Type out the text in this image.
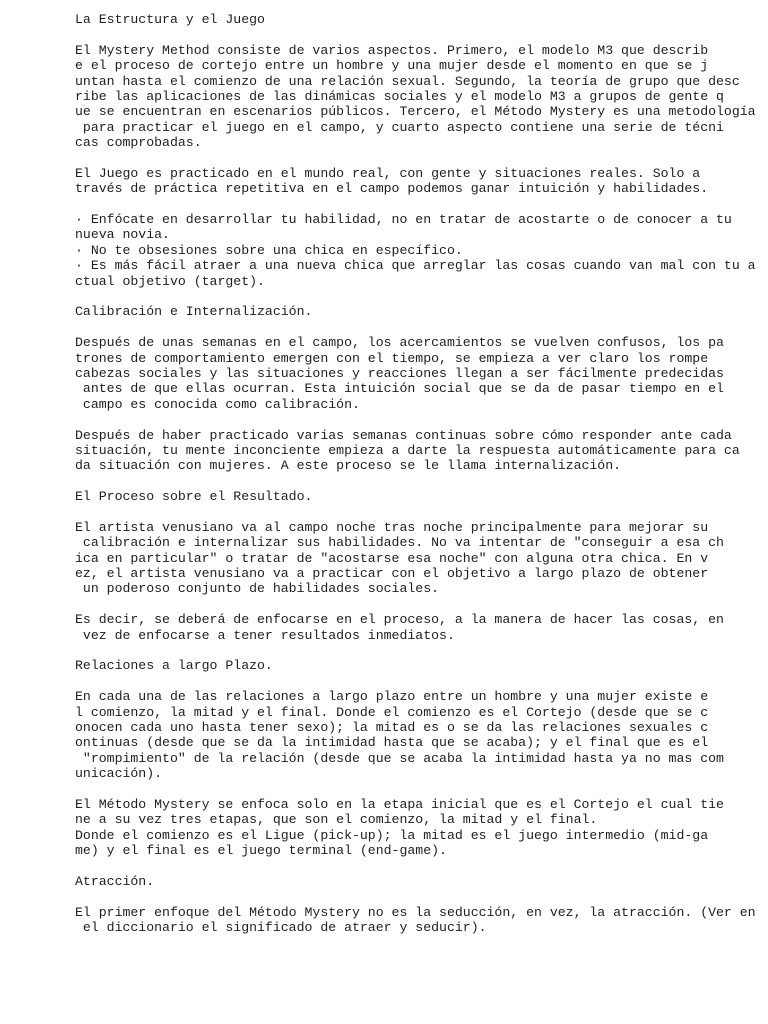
La Estructura y el Juego
El Mystery Method consiste de varios aspectos. Primero, el modelo M3 que describ
e el proceso de cortejo entre un hombre y una mujer desde el momento en que se j
untan hasta el comienzo de una relación sexual. Segundo, la teoría de grupo que desc
ribe las aplicaciones de las dinámicas sociales y el modelo M3 a grupos de gente q
ue se encuentran en escenarios públicos. Tercero, el Método Mystery es una metodología
para practicar el juego en el campo, y cuarto aspecto contiene una serie de técni
cas comprobadas.
El Juego es practicado en el mundo real, con gente y situaciones reales. Solo a
través de práctica repetitiva en el campo podemos ganar intuición y habilidades.
· Enfócate en desarrollar tu habilidad, no en tratar de acostarte o de conocer a tu
nueva novia.
· No te obsesiones sobre una chica en específico.
· Es más fácil atraer a una nueva chica que arreglar las cosas cuando van mal con tu a
ctual objetivo (target).
Calibración e Internalización.
Después de unas semanas en el campo, los acercamientos se vuelven confusos, los pa
trones de comportamiento emergen con el tiempo, se empieza a ver claro los rompe
cabezas sociales y las situaciones y reacciones llegan a ser fácilmente predecidas
antes de que ellas ocurran. Esta intuición social que se da de pasar tiempo en el
campo es conocida como calibración.
Después de haber practicado varias semanas continuas sobre cómo responder ante cada
situación, tu mente inconciente empieza a darte la respuesta automáticamente para ca
da situación con mujeres. A este proceso se le llama internalización.
El Proceso sobre el Resultado.
El artista venusiano va al campo noche tras noche principalmente para mejorar su
calibración e internalizar sus habilidades. No va intentar de "conseguir a esa ch
ica en particular" o tratar de "acostarse esa noche" con alguna otra chica. En v
ez, el artista venusiano va a practicar con el objetivo a largo plazo de obtener
un poderoso conjunto de habilidades sociales.
Es decir, se deberá de enfocarse en el proceso, a la manera de hacer las cosas, en
vez de enfocarse a tener resultados inmediatos.
Relaciones a largo Plazo.
En cada una de las relaciones a largo plazo entre un hombre y una mujer existe e
l comienzo, la mitad y el final. Donde el comienzo es el Cortejo (desde que se c
onocen cada uno hasta tener sexo); la mitad es o se da las relaciones sexuales c
ontinuas (desde que se da la intimidad hasta que se acaba); y el final que es el
"rompimiento" de la relación (desde que se acaba la intimidad hasta ya no mas com
unicación).
El Método Mystery se enfoca solo en la etapa inicial que es el Cortejo el cual tie
ne a su vez tres etapas, que son el comienzo, la mitad y el final.
Donde el comienzo es el Ligue (pick-up); la mitad es el juego intermedio (mid-ga
me) y el final es el juego terminal (end-game).
Atracción.
El primer enfoque del Método Mystery no es la seducción, en vez, la atracción. (Ver en
el diccionario el significado de atraer y seducir).
